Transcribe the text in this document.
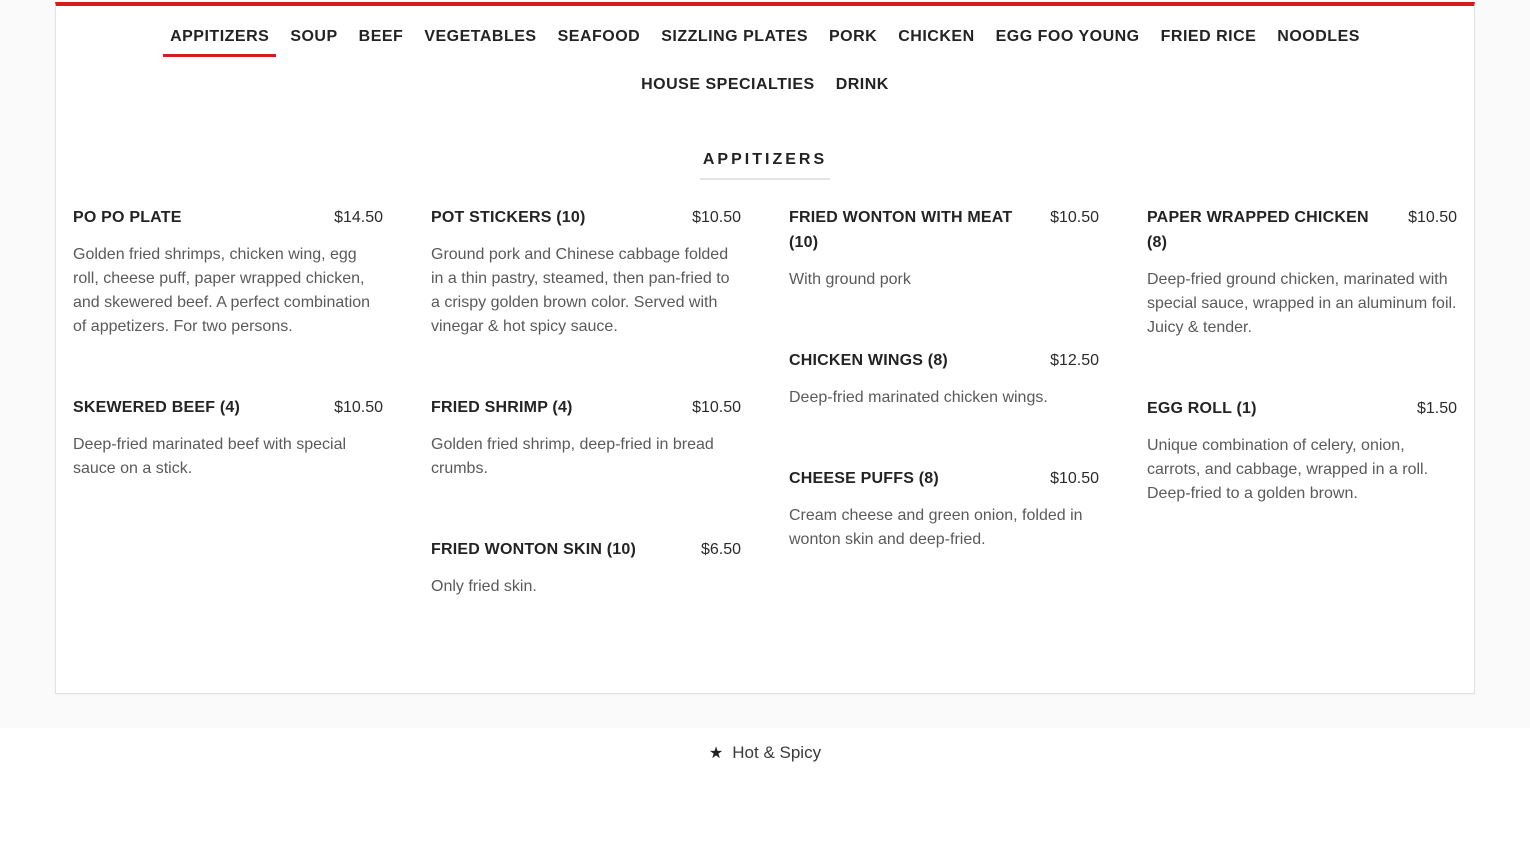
APPITIZERS	SOUP BEEF VEGETABLES SEAFOOD SIZZLING PLATES PORK CHICKEN EGG FOO YOUNG FRIED RICE NOODLES
HOUSE SPECIALTIES DRINK
APPITIZERS
PO PO PLATE	$14.50

Golden fried shrimps, chicken wing, egg roll, cheese puff, paper wrapped chicken, and skewered beef. A perfect combination of appetizers. For two persons.

SKEWERED BEEF (4)	$10.50

Deep-fried marinated beef with special sauce on a stick.

POT STICKERS (10)	$10.50

Ground pork and Chinese cabbage folded in a thin pastry, steamed, then pan-fried to a crispy golden brown color. Served with vinegar & hot spicy sauce.

FRIED SHRIMP (4)	$10.50

Golden fried shrimp, deep-fried in bread crumbs.

FRIED WONTON SKIN (10)	$6.50

Only fried skin.

FRIED WONTON WITH MEAT (10)
$10.50

With ground pork

CHICKEN WINGS (8)	$12.50

Deep-fried marinated chicken wings.

CHEESE PUFFS (8)	$10.50

Cream cheese and green onion, folded in wonton skin and deep-fried.

PAPER WRAPPED CHICKEN (8)
$10.50

Deep-fried ground chicken, marinated with special sauce, wrapped in an aluminum foil. Juicy & tender.

EGG ROLL (1)	$1.50

Unique combination of celery, onion, carrots, and cabbage, wrapped in a roll. Deep-fried to a golden brown.

★ Hot & Spicy
